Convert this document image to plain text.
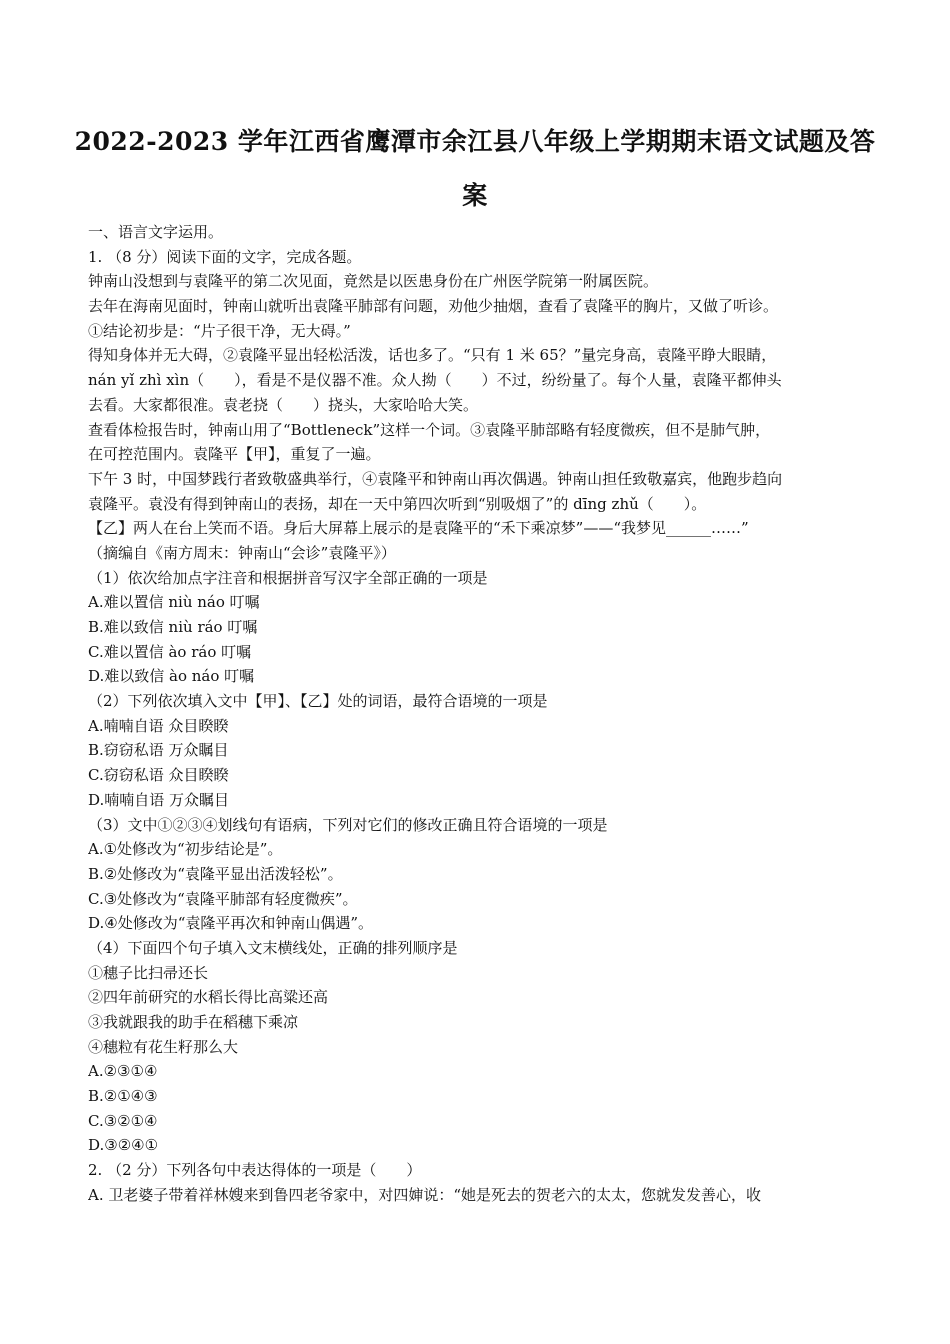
2022-2023 学年江西省鹰潭市余江县八年级上学期期末语文试题及答
案
一、语言文字运用。
1. （8 分）阅读下面的文字，完成各题。
钟南山没想到与袁隆平的第二次见面，竟然是以医患身份在广州医学院第一附属医院。
去年在海南见面时，钟南山就听出袁隆平肺部有问题，劝他少抽烟，查看了袁隆平的胸片，又做了听诊。
①结论初步是：“片子很干净，无大碍。”
得知身体并无大碍，②袁隆平显出轻松活泼，话也多了。“只有 1 米 65？”量完身高，袁隆平睁大眼睛，
nán yǐ zhì xìn（　　），看是不是仪器不准。众人拗（　　）不过，纷纷量了。每个人量，袁隆平都伸头
去看。大家都很准。袁老挠（　　）挠头，大家哈哈大笑。
查看体检报告时，钟南山用了“Bottleneck”这样一个词。③袁隆平肺部略有轻度微疾，但不是肺气肿，
在可控范围内。袁隆平【甲】，重复了一遍。
下午 3 时，中国梦践行者致敬盛典举行，④袁隆平和钟南山再次偶遇。钟南山担任致敬嘉宾，他跑步趋向
袁隆平。袁没有得到钟南山的表扬，却在一天中第四次听到“别吸烟了”的 dīng zhǔ（　　）。
【乙】两人在台上笑而不语。身后大屏幕上展示的是袁隆平的“禾下乘凉梦”——“我梦见______……”
（摘编自《南方周末：钟南山“会诊”袁隆平》）
（1）依次给加点字注音和根据拼音写汉字全部正确的一项是
A.难以置信 niù náo 叮嘱
B.难以致信 niù ráo 叮嘱
C.难以置信 ào ráo 叮嘱
D.难以致信 ào náo 叮嘱
（2）下列依次填入文中【甲】、【乙】处的词语，最符合语境的一项是
A.喃喃自语 众目睽睽
B.窃窃私语 万众瞩目
C.窃窃私语 众目睽睽
D.喃喃自语 万众瞩目
（3）文中①②③④划线句有语病，下列对它们的修改正确且符合语境的一项是
A.①处修改为“初步结论是”。
B.②处修改为“袁隆平显出活泼轻松”。
C.③处修改为“袁隆平肺部有轻度微疾”。
D.④处修改为“袁隆平再次和钟南山偶遇”。
（4）下面四个句子填入文末横线处，正确的排列顺序是
①穗子比扫帚还长
②四年前研究的水稻长得比高粱还高
③我就跟我的助手在稻穗下乘凉
④穗粒有花生籽那么大
A.②③①④
B.②①④③
C.③②①④
D.③②④①
2. （2 分）下列各句中表达得体的一项是（　　）
A. 卫老婆子带着祥林嫂来到鲁四老爷家中，对四婶说：“她是死去的贺老六的太太，您就发发善心，收
